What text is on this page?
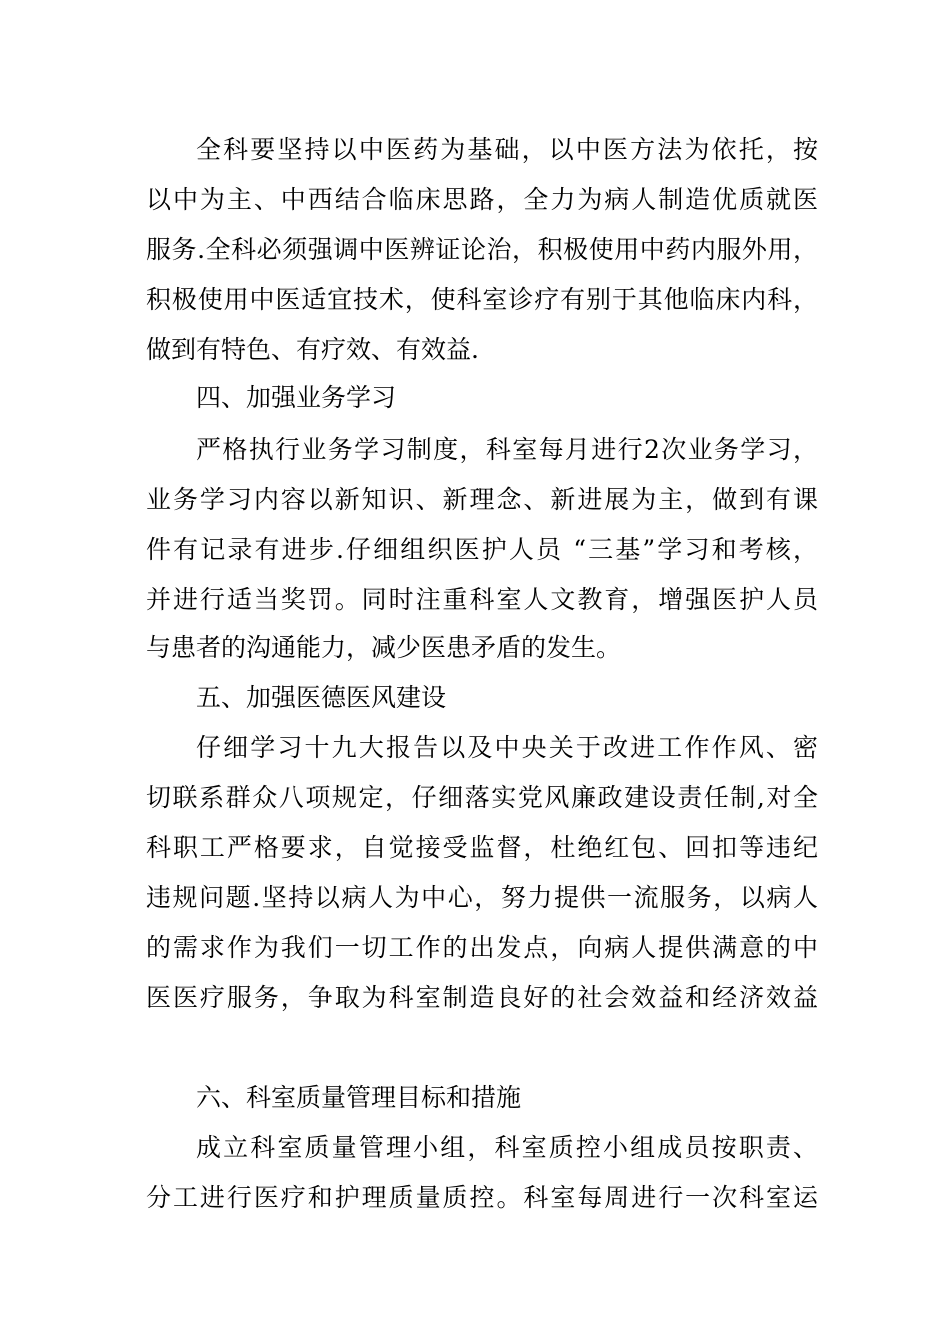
全科要坚持以中医药为基础，以中医方法为依托，按
以中为主、中西结合临床思路，全力为病人制造优质就医
服务.全科必须强调中医辨证论治，积极使用中药内服外用，
积极使用中医适宜技术，使科室诊疗有别于其他临床内科，
做到有特色、有疗效、有效益.
四、加强业务学习
严格执行业务学习制度，科室每月进行2次业务学习，
业务学习内容以新知识、新理念、新进展为主，做到有课
件有记录有进步.仔细组织医护人员 “三基”学习和考核，
并进行适当奖罚。同时注重科室人文教育，增强医护人员
与患者的沟通能力，减少医患矛盾的发生。
五、加强医德医风建设
仔细学习十九大报告以及中央关于改进工作作风、密
切联系群众八项规定，仔细落实党风廉政建设责任制,对全
科职工严格要求，自觉接受监督，杜绝红包、回扣等违纪
违规问题.坚持以病人为中心，努力提供一流服务，以病人
的需求作为我们一切工作的出发点，向病人提供满意的中
医医疗服务，争取为科室制造良好的社会效益和经济效益
六、科室质量管理目标和措施
成立科室质量管理小组，科室质控小组成员按职责、
分工进行医疗和护理质量质控。科室每周进行一次科室运
